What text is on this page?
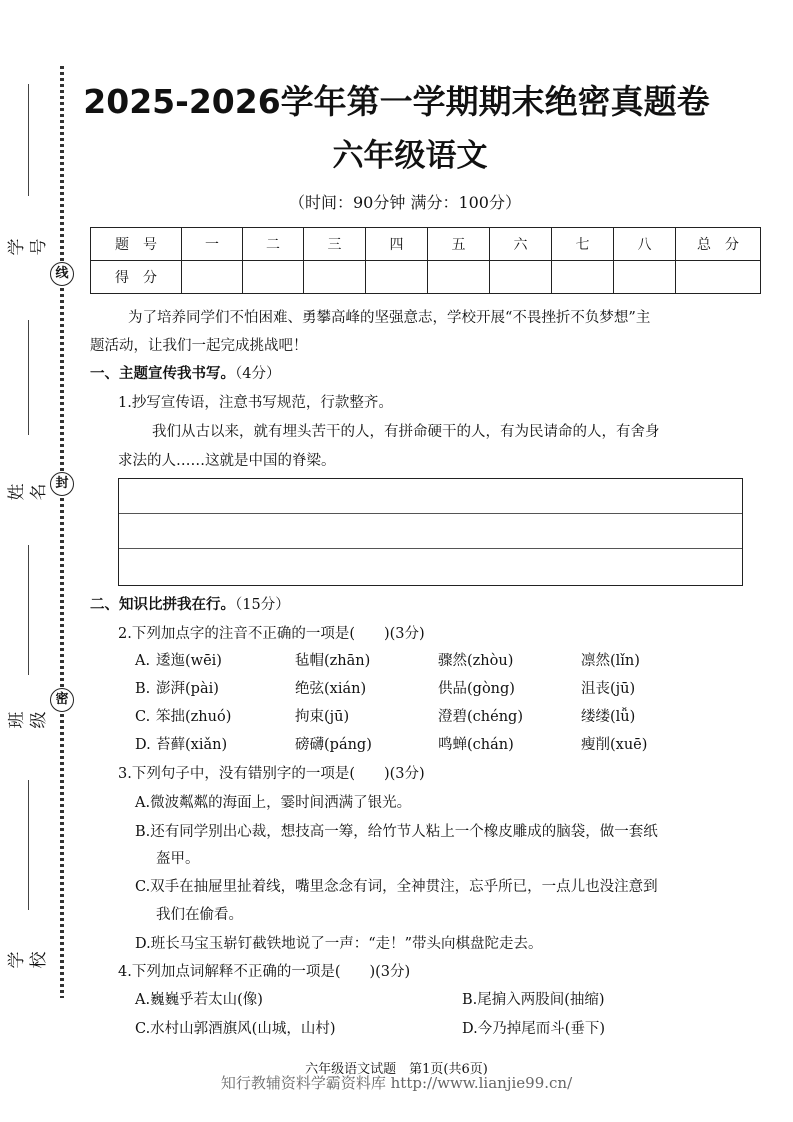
线
封
密
学 号
姓 名
班 级
学 校
2025-2026学年第一学期期末绝密真题卷
六年级语文
（时间：90分钟 满分：100分）
题　号	一	二	三	四	五	六	七	八	总　分
得　分									
为了培养同学们不怕困难、勇攀高峰的坚强意志，学校开展“不畏挫折不负梦想”主
题活动，让我们一起完成挑战吧！
一、主题宣传我书写。（4分）
1.抄写宣传语，注意书写规范，行款整齐。
我们从古以来，就有埋头苦干的人，有拼命硬干的人，有为民请命的人，有舍身
求法的人……这就是中国的脊梁。
二、知识比拼我在行。（15分）
2.下列加点字的注音不正确的一项是(　　)(3分)
A. 逶迤(wēi)	毡帽(zhān)	骤然(zhòu)	凛然(lǐn)
B. 澎湃(pài)	绝弦(xián)	供品(gòng)	沮丧(jū)
C. 笨拙(zhuó)	拘束(jū)	澄碧(chéng)	缕缕(lǚ)
D. 苔藓(xiǎn)	磅礴(páng)	鸣蝉(chán)	瘦削(xuē)
3.下列句子中，没有错别字的一项是(　　)(3分)
A.微波粼粼的海面上，霎时间洒满了银光。
B.还有同学别出心裁，想技高一筹，给竹节人粘上一个橡皮雕成的脑袋，做一套纸
盔甲。
C.双手在抽屉里扯着线，嘴里念念有词，全神贯注，忘乎所已，一点儿也没注意到
我们在偷看。
D.班长马宝玉崭钉截铁地说了一声：“走！”带头向棋盘陀走去。
4.下列加点词解释不正确的一项是(　　)(3分)
A.巍巍乎若太山(像)	B.尾掮入两股间(抽缩)
C.水村山郭酒旗风(山城，山村)	D.今乃掉尾而斗(垂下)
六年级语文试题　第1页(共6页)
知行教辅资料学霸资料库 http://www.lianjie99.cn/
